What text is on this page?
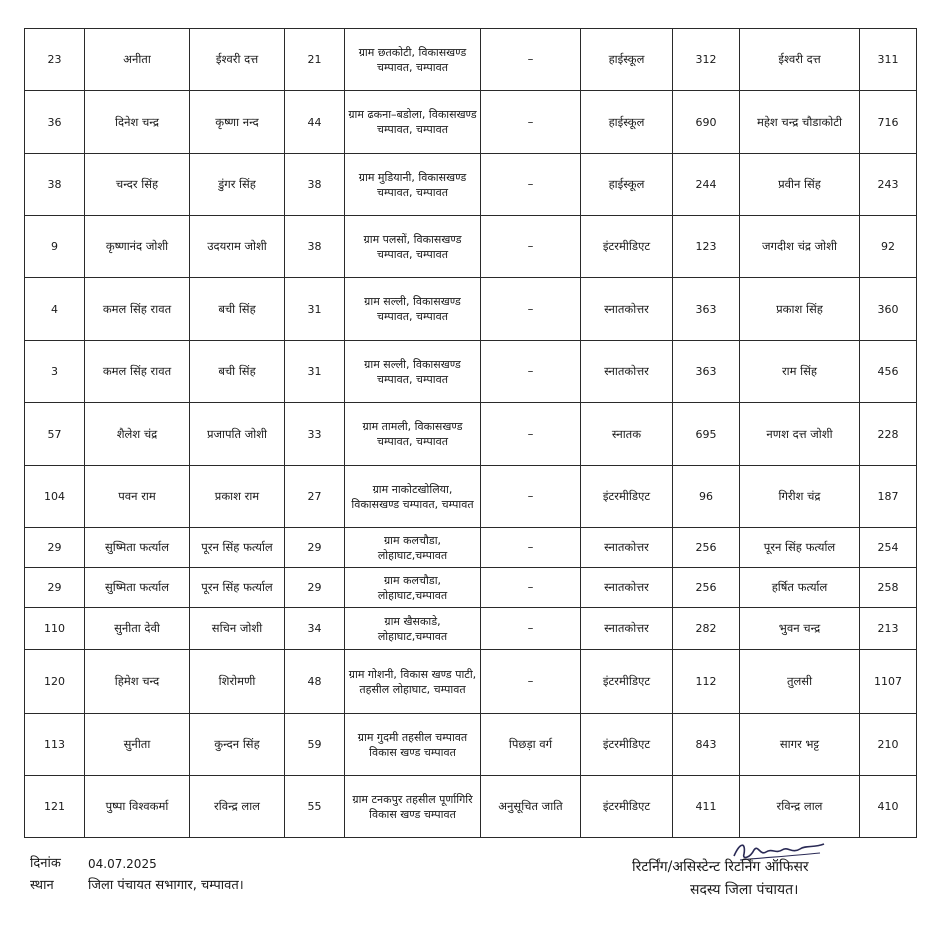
23	अनीता	ईश्वरी दत्त	21	ग्राम छतकोटी, विकासखण्ड चम्पावत, चम्पावत	–	हाईस्कूल	312	ईश्वरी दत्त	311
36	दिनेश चन्द्र	कृष्णा नन्द	44	ग्राम ढकना–बडोला, विकासखण्ड चम्पावत, चम्पावत	–	हाईस्कूल	690	महेश चन्द्र चौडाकोटी	716
38	चन्दर सिंह	डुंगर सिंह	38	ग्राम मुडियानी, विकासखण्ड चम्पावत, चम्पावत	–	हाईस्कूल	244	प्रवीन सिंह	243
9	कृष्णानंद जोशी	उदयराम जोशी	38	ग्राम पलसों, विकासखण्ड चम्पावत, चम्पावत	–	इंटरमीडिएट	123	जगदीश चंद्र जोशी	92
4	कमल सिंह रावत	बची सिंह	31	ग्राम सल्ली, विकासखण्ड चम्पावत, चम्पावत	–	स्नातकोत्तर	363	प्रकाश सिंह	360
3	कमल सिंह रावत	बची सिंह	31	ग्राम सल्ली, विकासखण्ड चम्पावत, चम्पावत	–	स्नातकोत्तर	363	राम सिंह	456
57	शैलेश चंद्र	प्रजापति जोशी	33	ग्राम तामली, विकासखण्ड चम्पावत, चम्पावत	–	स्नातक	695	नणश दत्त जोशी	228
104	पवन राम	प्रकाश राम	27	ग्राम नाकोटखोलिया, विकासखण्ड चम्पावत, चम्पावत	–	इंटरमीडिएट	96	गिरीश चंद्र	187
29	सुष्मिता फर्त्याल	पूरन सिंह फर्त्याल	29	ग्राम कलचौडा, लोहाघाट,चम्पावत	–	स्नातकोत्तर	256	पूरन सिंह फर्त्याल	254
29	सुष्मिता फर्त्याल	पूरन सिंह फर्त्याल	29	ग्राम कलचौडा, लोहाघाट,चम्पावत	–	स्नातकोत्तर	256	हर्षित फर्त्याल	258
110	सुनीता देवी	सचिन जोशी	34	ग्राम खैसकाडे, लोहाघाट,चम्पावत	–	स्नातकोत्तर	282	भुवन चन्द्र	213
120	हिमेश चन्द	शिरोमणी	48	ग्राम गोशनी, विकास खण्ड पाटी, तहसील लोहाघाट, चम्पावत	–	इंटरमीडिएट	112	तुलसी	1107
113	सुनीता	कुन्दन सिंह	59	ग्राम गुदमी तहसील चम्पावत विकास खण्ड चम्पावत	पिछड़ा वर्ग	इंटरमीडिएट	843	सागर भट्ट	210
121	पुष्पा विश्वकर्मा	रविन्द्र लाल	55	ग्राम टनकपुर तहसील पूर्णागिरि विकास खण्ड चम्पावत	अनुसूचित जाति	इंटरमीडिएट	411	रविन्द्र लाल	410
दिनांक 04.07.2025
स्थान	जिला पंचायत सभागार, चम्पावत।
रिटर्निंग/असिस्टेन्ट रिटर्निंग ऑफिसर
सदस्य जिला पंचायत।
